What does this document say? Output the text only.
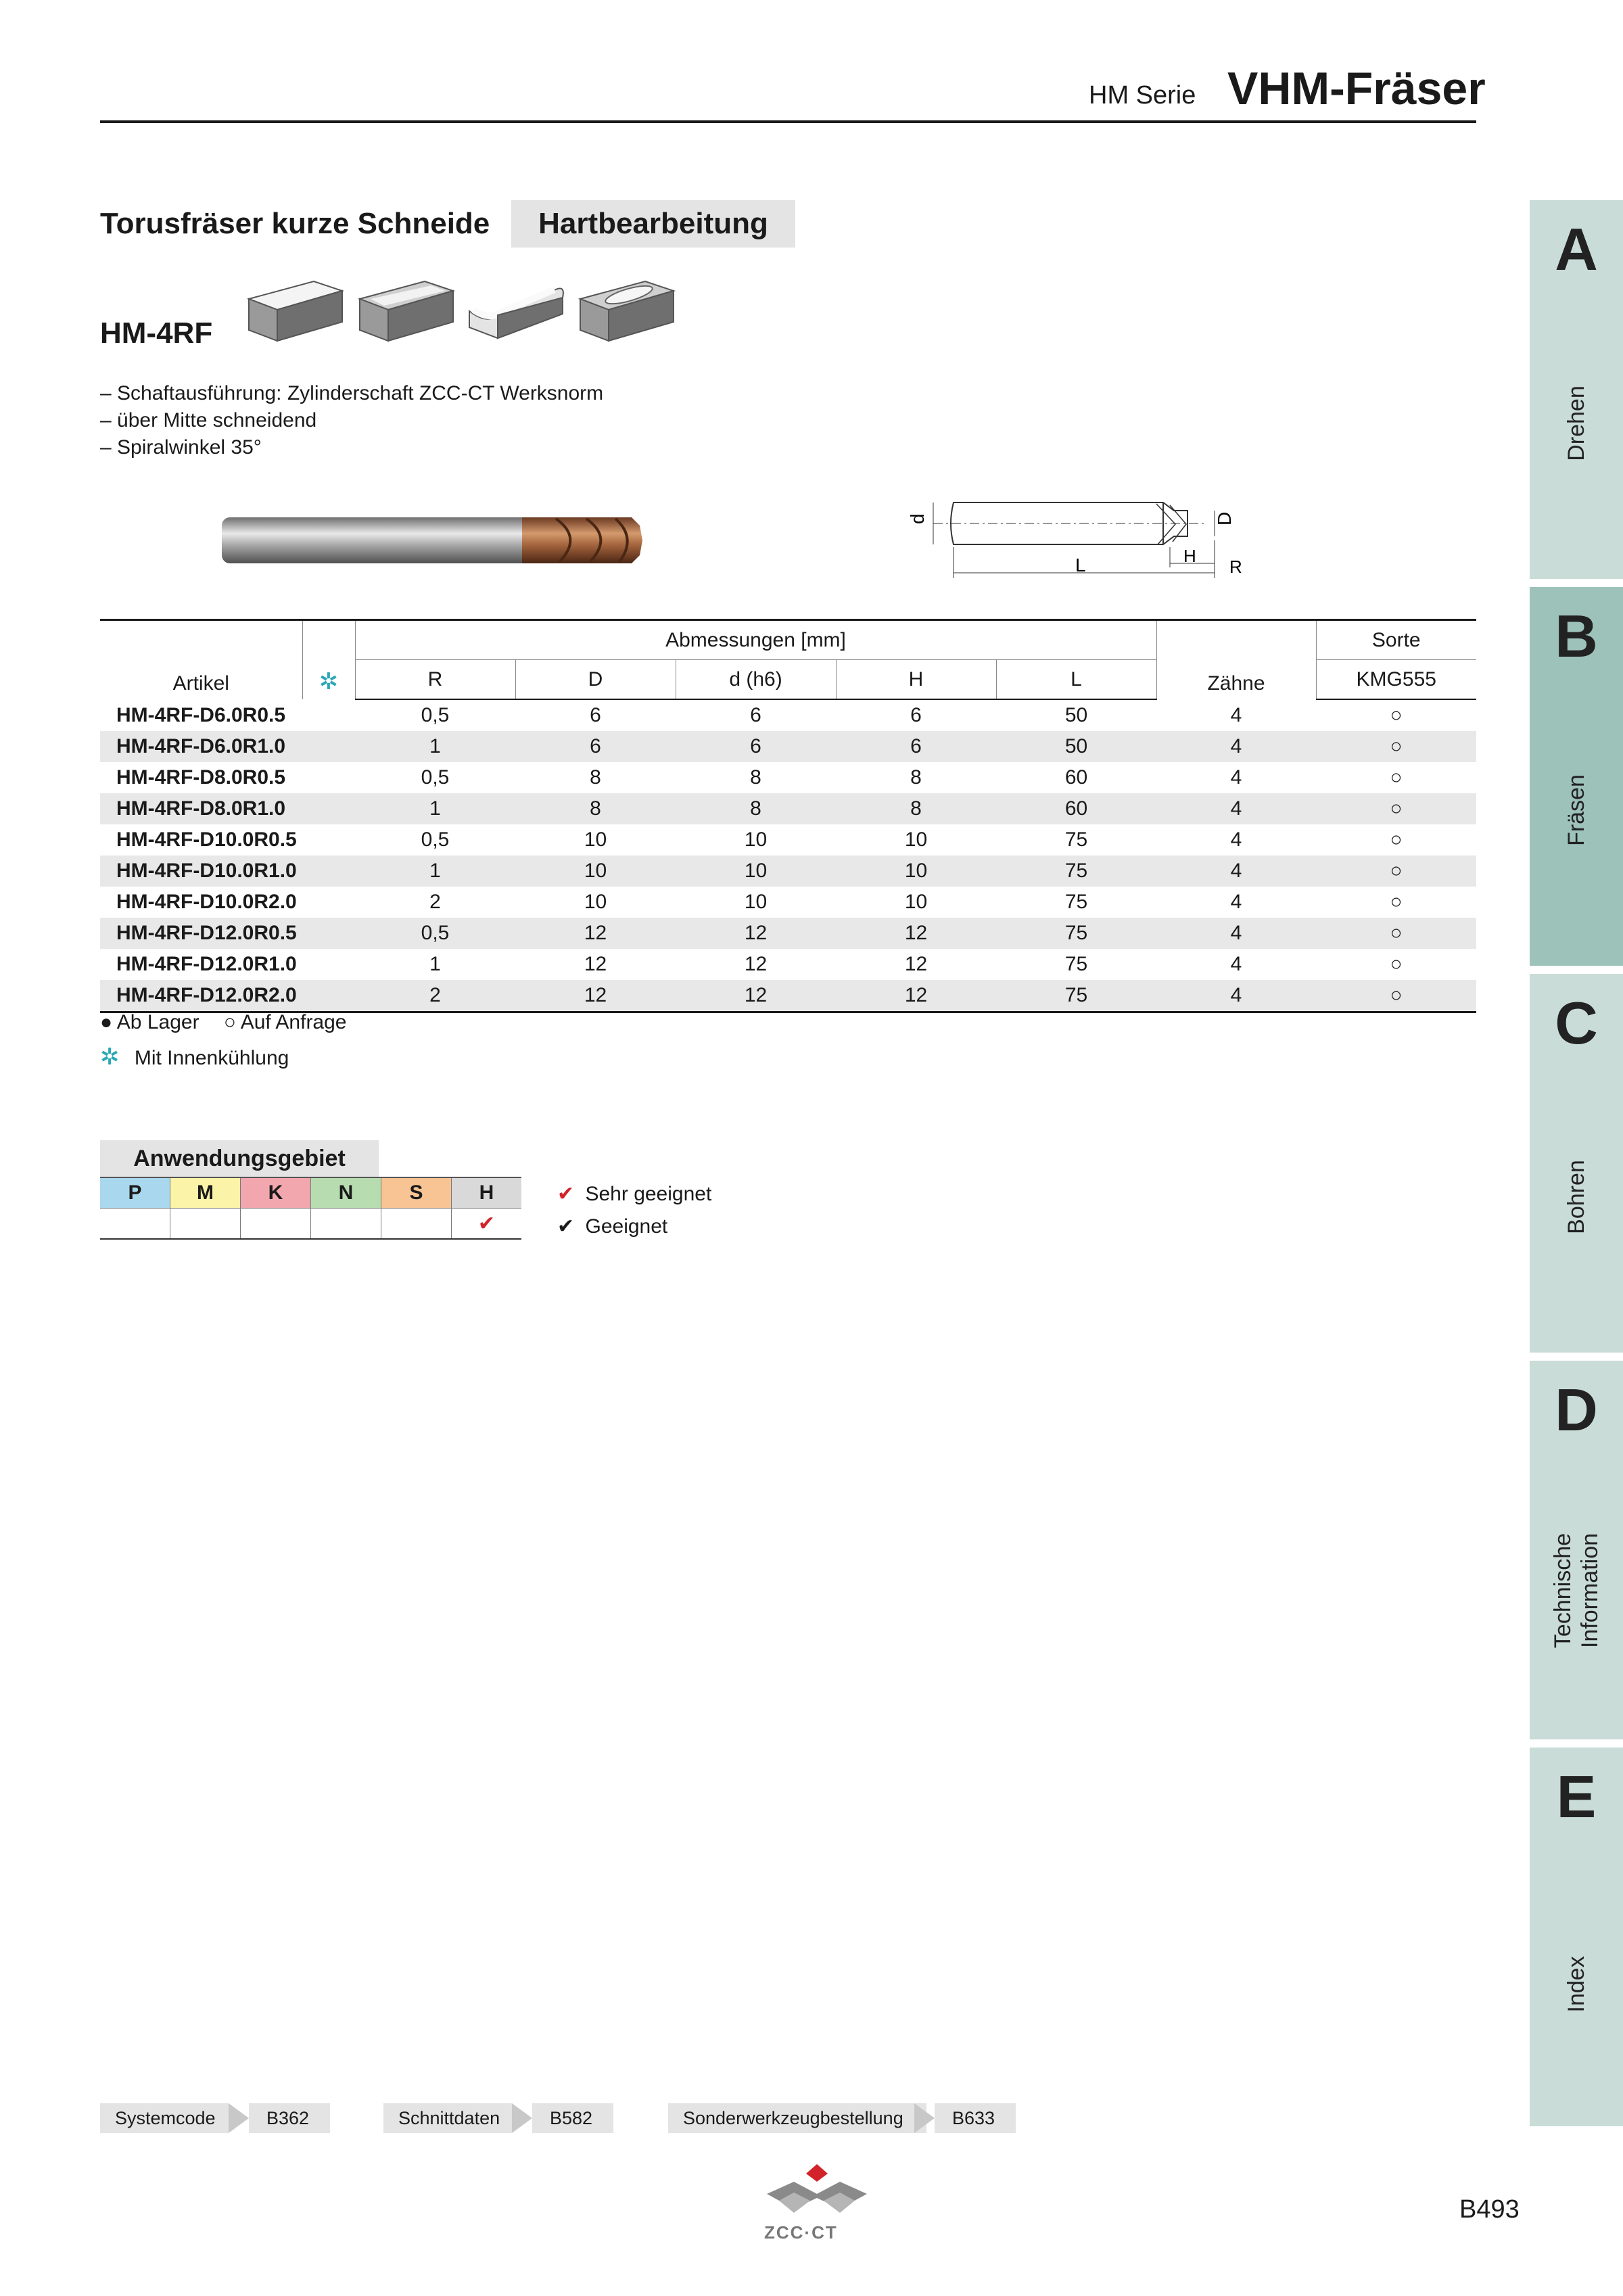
HM Serie VHM-Fräser
Torusfräser kurze Schneide	Hartbearbeitung
HM-4RF
– Schaftausführung: Zylinderschaft ZCC-CT Werksnorm
– über Mitte schneidend
– Spiralwinkel 35°
d	D
L	H
R
Artikel	✲	Abmessungen [mm]					Zähne	Sorte
		R	D	d (h6)	H	L		KMG555
HM-4RF-D6.0R0.5		0,5	6	6	6	50	4	○
HM-4RF-D6.0R1.0		1	6	6	6	50	4	○
HM-4RF-D8.0R0.5		0,5	8	8	8	60	4	○
HM-4RF-D8.0R1.0		1	8	8	8	60	4	○
HM-4RF-D10.0R0.5		0,5	10	10	10	75	4	○
HM-4RF-D10.0R1.0		1	10	10	10	75	4	○
HM-4RF-D10.0R2.0		2	10	10	10	75	4	○
HM-4RF-D12.0R0.5		0,5	12	12	12	75	4	○
HM-4RF-D12.0R1.0		1	12	12	12	75	4	○
HM-4RF-D12.0R2.0		2	12	12	12	75	4	○
● Ab Lager ○ Auf Anfrage
✲ Mit Innenkühlung
Anwendungsgebiet
P	M	K	N	S	H
					✔
✔ Sehr geeignet
✔ Geeignet
A
Drehen
B
Fräsen
C
Bohren
D
Technische Information
E
Index
Systemcode	B362	Schnittdaten	B582	Sonderwerkzeugbestellung	B633
ZCC·CT
B493
